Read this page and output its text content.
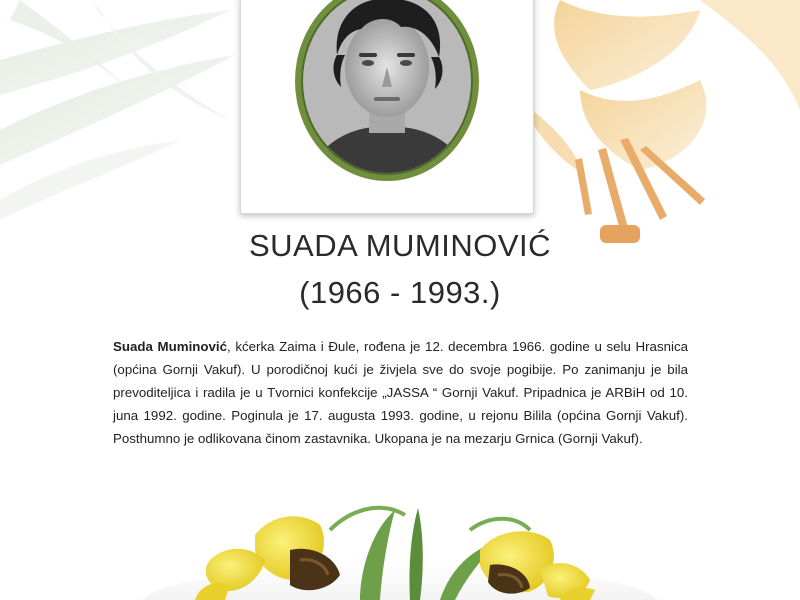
SUADA MUMINOVIĆ
(1966 - 1993.)
Suada Muminović, kćerka Zaima i Đule, rođena je 12. decembra 1966. godine u selu Hrasnica (općina Gornji Vakuf). U porodičnoj kući je živjela sve do svoje pogibije. Po zanimanju je bila prevoditeljica i radila je u Tvornici konfekcije „JASSA “ Gornji Vakuf. Pripadnica je ARBiH od 10. juna 1992. godine. Poginula je 17. augusta 1993. godine, u rejonu Bilila (općina Gornji Vakuf). Posthumno je odlikovana činom zastavnika. Ukopana je na mezarju Grnica (Gornji Vakuf).
